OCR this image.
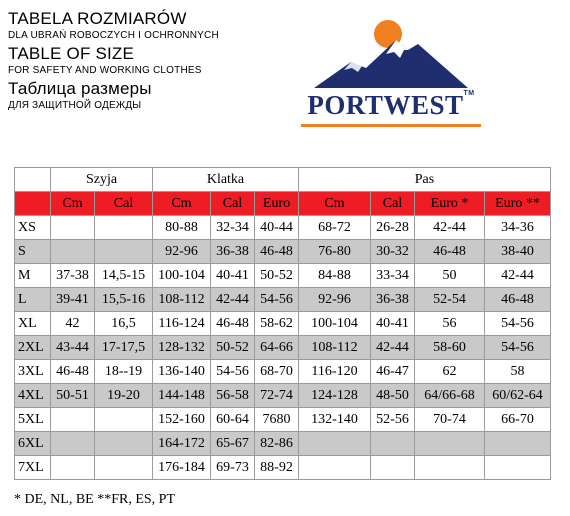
TABELA ROZMIARÓW
DLA UBRAŃ ROBOCZYCH I OCHRONNYCH
TABLE OF SIZE
FOR SAFETY AND WORKING CLOTHES
Таблица размеры
ДЛЯ ЗАЩИТНОЙ ОДЕЖДЫ	PORTWEST™
	Szyja		Klatka			Pas			
	Cm	Cal	Cm	Cal	Euro	Cm	Cal	Euro *	Euro **
XS			80-88	32-34	40-44	68-72	26-28	42-44	34-36
S			92-96	36-38	46-48	76-80	30-32	46-48	38-40
M	37-38	14,5-15	100-104	40-41	50-52	84-88	33-34	50	42-44
L	39-41	15,5-16	108-112	42-44	54-56	92-96	36-38	52-54	46-48
XL	42	16,5	116-124	46-48	58-62	100-104	40-41	56	54-56
2XL	43-44	17-17,5	128-132	50-52	64-66	108-112	42-44	58-60	54-56
3XL	46-48	18--19	136-140	54-56	68-70	116-120	46-47	62	58
4XL	50-51	19-20	144-148	56-58	72-74	124-128	48-50	64/66-68	60/62-64
5XL			152-160	60-64	7680	132-140	52-56	70-74	66-70
6XL			164-172	65-67	82-86				
7XL			176-184	69-73	88-92				
* DE, NL, BE **FR, ES, PT
